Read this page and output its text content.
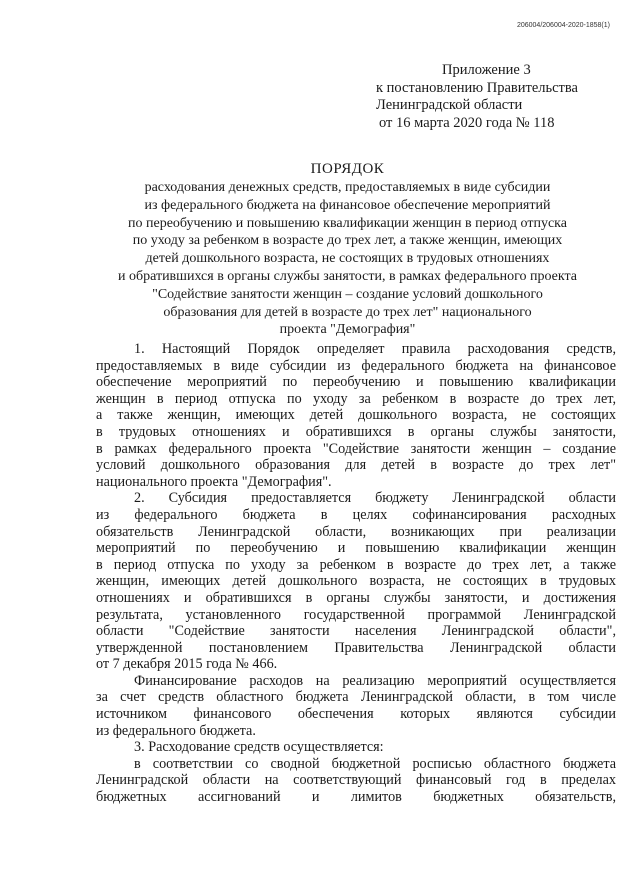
206004/206004-2020-1858(1)
Приложение 3
к постановлению Правительства
Ленинградской области
от 16 марта 2020 года № 118
ПОРЯДОК
расходования денежных средств, предоставляемых в виде субсидии
из федерального бюджета на финансовое обеспечение мероприятий
по переобучению и повышению квалификации женщин в период отпуска
по уходу за ребенком в возрасте до трех лет, а также женщин, имеющих
детей дошкольного возраста, не состоящих в трудовых отношениях
и обратившихся в органы службы занятости, в рамках федерального проекта
"Содействие занятости женщин – создание условий дошкольного
образования для детей в возрасте до трех лет" национального
проекта "Демография"
1. Настоящий Порядок определяет правила расходования средств,
предоставляемых в виде субсидии из федерального бюджета на финансовое
обеспечение мероприятий по переобучению и повышению квалификации
женщин в период отпуска по уходу за ребенком в возрасте до трех лет,
а также женщин, имеющих детей дошкольного возраста, не состоящих
в трудовых отношениях и обратившихся в органы службы занятости,
в рамках федерального проекта "Содействие занятости женщин – создание
условий дошкольного образования для детей в возрасте до трех лет"
национального проекта "Демография".
2. Субсидия предоставляется бюджету Ленинградской области
из федерального бюджета в целях софинансирования расходных
обязательств Ленинградской области, возникающих при реализации
мероприятий по переобучению и повышению квалификации женщин
в период отпуска по уходу за ребенком в возрасте до трех лет, а также
женщин, имеющих детей дошкольного возраста, не состоящих в трудовых
отношениях и обратившихся в органы службы занятости, и достижения
результата, установленного государственной программой Ленинградской
области "Содействие занятости населения Ленинградской области",
утвержденной постановлением Правительства Ленинградской области
от 7 декабря 2015 года № 466.
Финансирование расходов на реализацию мероприятий осуществляется
за счет средств областного бюджета Ленинградской области, в том числе
источником финансового обеспечения которых являются субсидии
из федерального бюджета.
3. Расходование средств осуществляется:
в соответствии со сводной бюджетной росписью областного бюджета
Ленинградской области на соответствующий финансовый год в пределах
бюджетных ассигнований и лимитов бюджетных обязательств,
